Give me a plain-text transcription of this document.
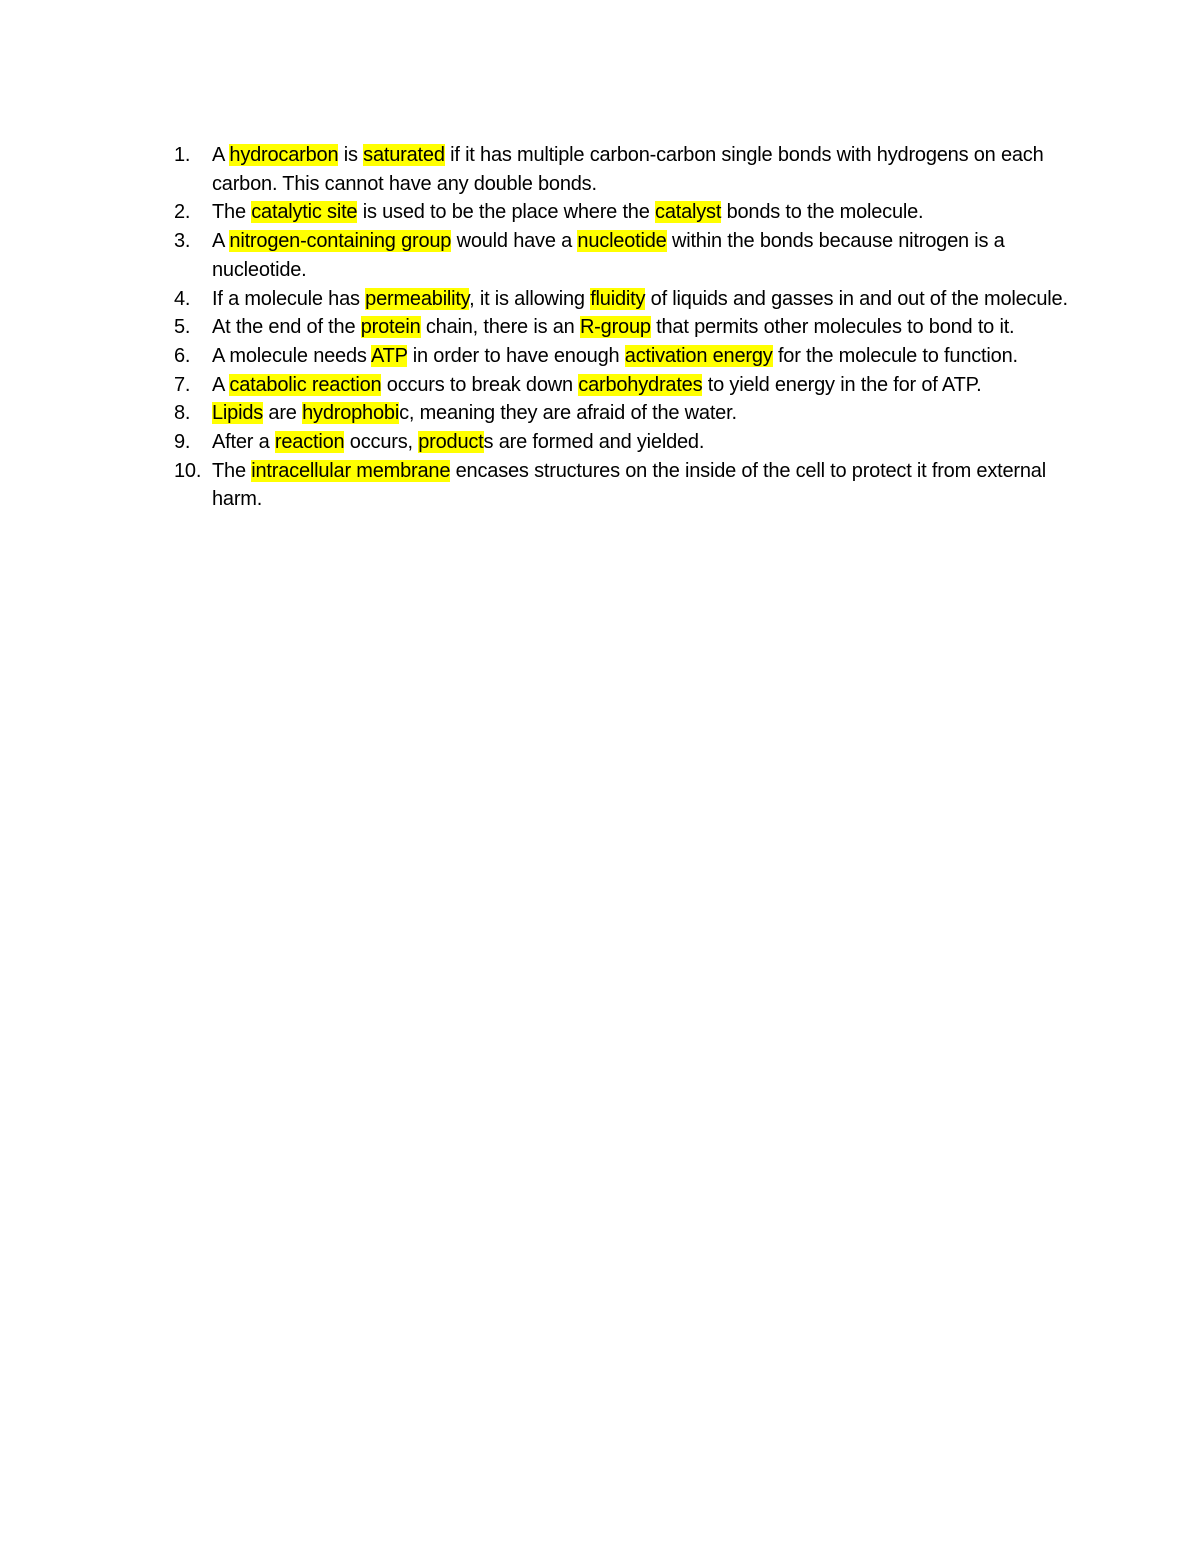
1.	A hydrocarbon is saturated if it has multiple carbon-carbon single bonds with hydrogens on each carbon. This cannot have any double bonds.
2.	The catalytic site is used to be the place where the catalyst bonds to the molecule.
3.	A nitrogen-containing group would have a nucleotide within the bonds because nitrogen is a nucleotide.
4.	If a molecule has permeability, it is allowing fluidity of liquids and gasses in and out of the molecule.
5.	At the end of the protein chain, there is an R-group that permits other molecules to bond to it.
6.	A molecule needs ATP in order to have enough activation energy for the molecule to function.
7.	A catabolic reaction occurs to break down carbohydrates to yield energy in the for of ATP.
8.	Lipids are hydrophobic, meaning they are afraid of the water.
9.	After a reaction occurs, products are formed and yielded.
10. The intracellular membrane encases structures on the inside of the cell to protect it from external harm.
